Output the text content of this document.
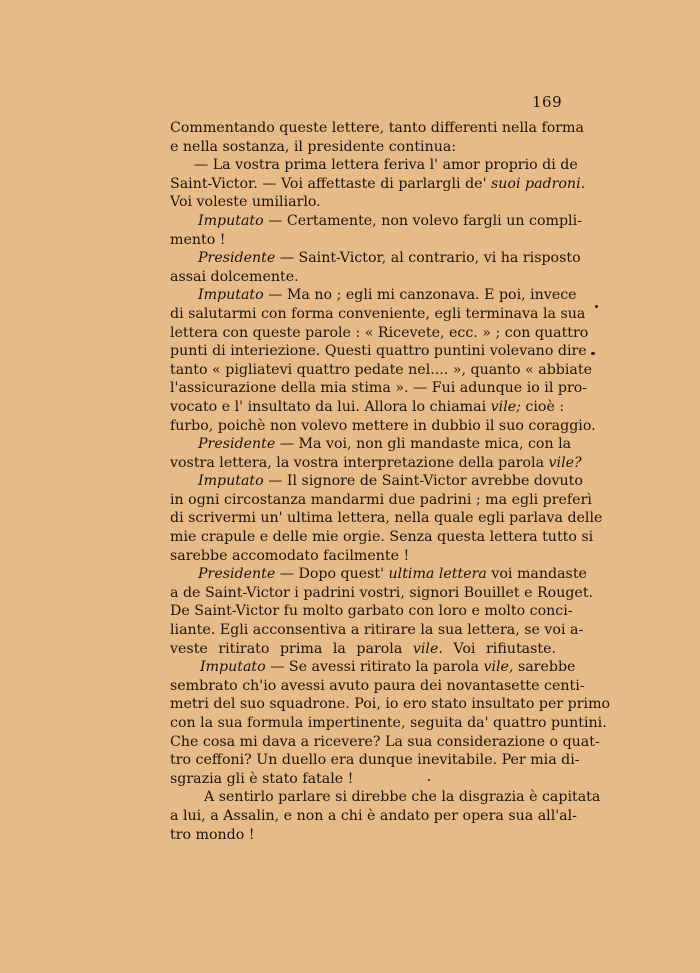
169
Commentando queste lettere, tanto differenti nella forma
e nella sostanza, il presidente continua:
— La vostra prima lettera feriva l' amor proprio di de
Saint-Victor. — Voi affettaste di parlargli de' suoi padroni.
Voi voleste umiliarlo.
Imputato — Certamente, non volevo fargli un compli-
mento !
Presidente — Saint-Victor, al contrario, vi ha risposto
assai dolcemente.
Imputato — Ma no ; egli mi canzonava. E poi, invece
di salutarmi con forma conveniente, egli terminava la sua
lettera con queste parole : « Ricevete, ecc. » ; con quattro
punti di interiezione. Questi quattro puntini volevano dire
tanto « pigliatevi quattro pedate nel.... », quanto « abbiate
l'assicurazione della mia stima ». — Fui adunque io il pro-
vocato e l' insultato da lui. Allora lo chiamai vile; cioè :
furbo, poichè non volevo mettere in dubbio il suo coraggio.
Presidente — Ma voi, non gli mandaste mica, con la
vostra lettera, la vostra interpretazione della parola vile?
Imputato — Il signore de Saint-Victor avrebbe dovuto
in ogni circostanza mandarmi due padrini ; ma egli preferì
di scrivermi un' ultima lettera, nella quale egli parlava delle
mie crapule e delle mie orgie. Senza questa lettera tutto si
sarebbe accomodato facilmente !
Presidente — Dopo quest' ultima lettera voi mandaste
a de Saint-Victor i padrini vostri, signori Bouillet e Rouget.
De Saint-Victor fu molto garbato con loro e molto conci-
liante. Egli acconsentiva a ritirare la sua lettera, se voi a-
veste ritirato prima la parola vile. Voi rifiutaste.
Imputato — Se avessi ritirato la parola vile, sarebbe
sembrato ch'io avessi avuto paura dei novantasette centi-
metri del suo squadrone. Poi, io ero stato insultato per primo
con la sua formula impertinente, seguita da' quattro puntini.
Che cosa mi dava a ricevere? La sua considerazione o quat-
tro ceffoni? Un duello era dunque inevitabile. Per mia di-
sgrazia gli è stato fatale !
A sentirlo parlare si direbbe che la disgrazia è capitata
a lui, a Assalin, e non a chi è andato per opera sua all'al-
tro mondo !
